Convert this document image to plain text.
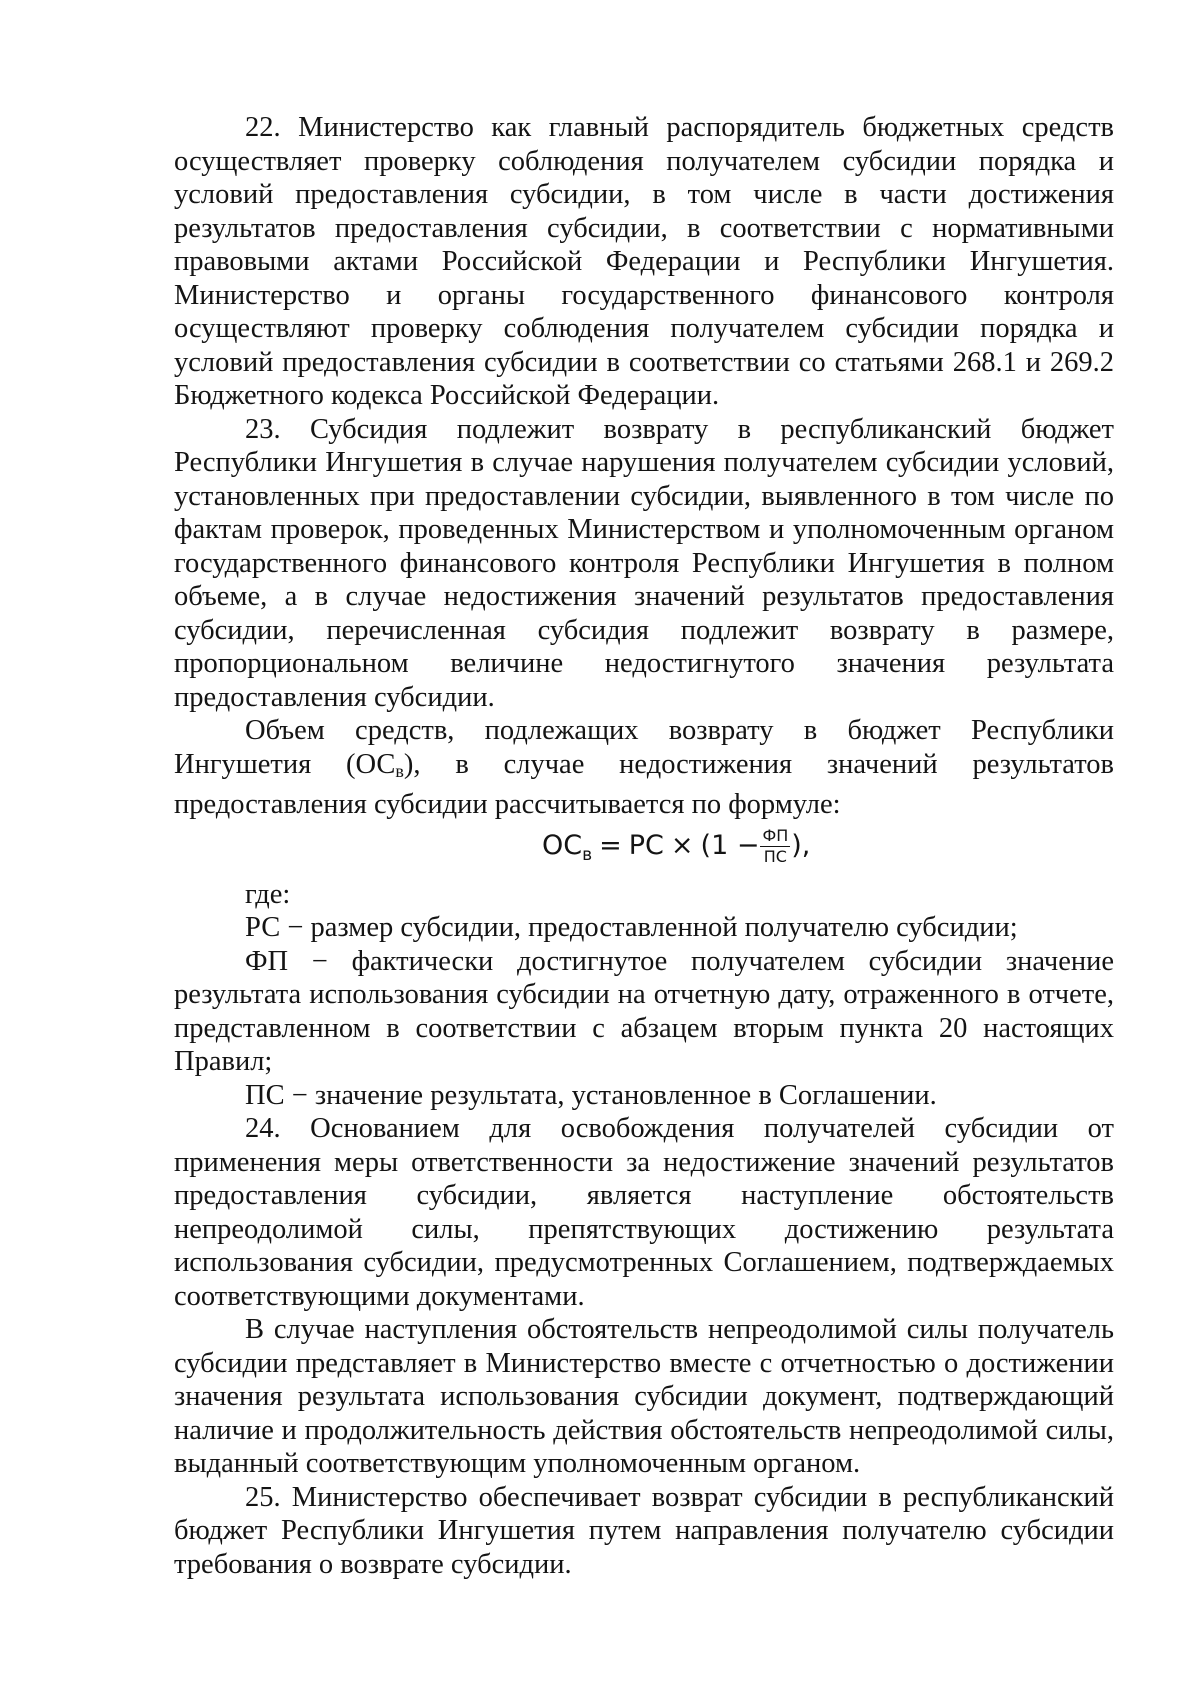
22. Министерство как главный распорядитель бюджетных средств осуществляет проверку соблюдения получателем субсидии порядка и условий предоставления субсидии, в том числе в части достижения результатов предоставления субсидии, в соответствии с нормативными правовыми актами Российской Федерации и Республики Ингушетия. Министерство и органы государственного финансового контроля осуществляют проверку соблюдения получателем субсидии порядка и условий предоставления субсидии в соответствии со статьями 268.1 и 269.2 Бюджетного кодекса Российской Федерации.

23. Субсидия подлежит возврату в республиканский бюджет Республики Ингушетия в случае нарушения получателем субсидии условий, установленных при предоставлении субсидии, выявленного в том числе по фактам проверок, проведенных Министерством и уполномоченным органом государственного финансового контроля Республики Ингушетия в полном объеме, а в случае недостижения значений результатов предоставления субсидии, перечисленная субсидия подлежит возврату в размере, пропорциональном величине недостигнутого значения результата предоставления субсидии.

Объем средств, подлежащих возврату в бюджет Республики Ингушетия (ОСв), в случае недостижения значений результатов предоставления субсидии рассчитывается по формуле:

$ОС_в$ = РС × ($1 - \frac{ФП}{ПС}$ ),

где:

РС − размер субсидии, предоставленной получателю субсидии;

ФП − фактически достигнутое получателем субсидии значение результата использования субсидии на отчетную дату, отраженного в отчете, представленном в соответствии с абзацем вторым пункта 20 настоящих Правил;

ПС − значение результата, установленное в Соглашении.

24. Основанием для освобождения получателей субсидии от применения меры ответственности за недостижение значений результатов предоставления субсидии, является наступление обстоятельств непреодолимой силы, препятствующих достижению результата использования субсидии, предусмотренных Соглашением, подтверждаемых соответствующими документами.

В случае наступления обстоятельств непреодолимой силы получатель субсидии представляет в Министерство вместе с отчетностью о достижении значения результата использования субсидии документ, подтверждающий наличие и продолжительность действия обстоятельств непреодолимой силы, выданный соответствующим уполномоченным органом.

25. Министерство обеспечивает возврат субсидии в республиканский бюджет Республики Ингушетия путем направления получателю субсидии требования о возврате субсидии.
